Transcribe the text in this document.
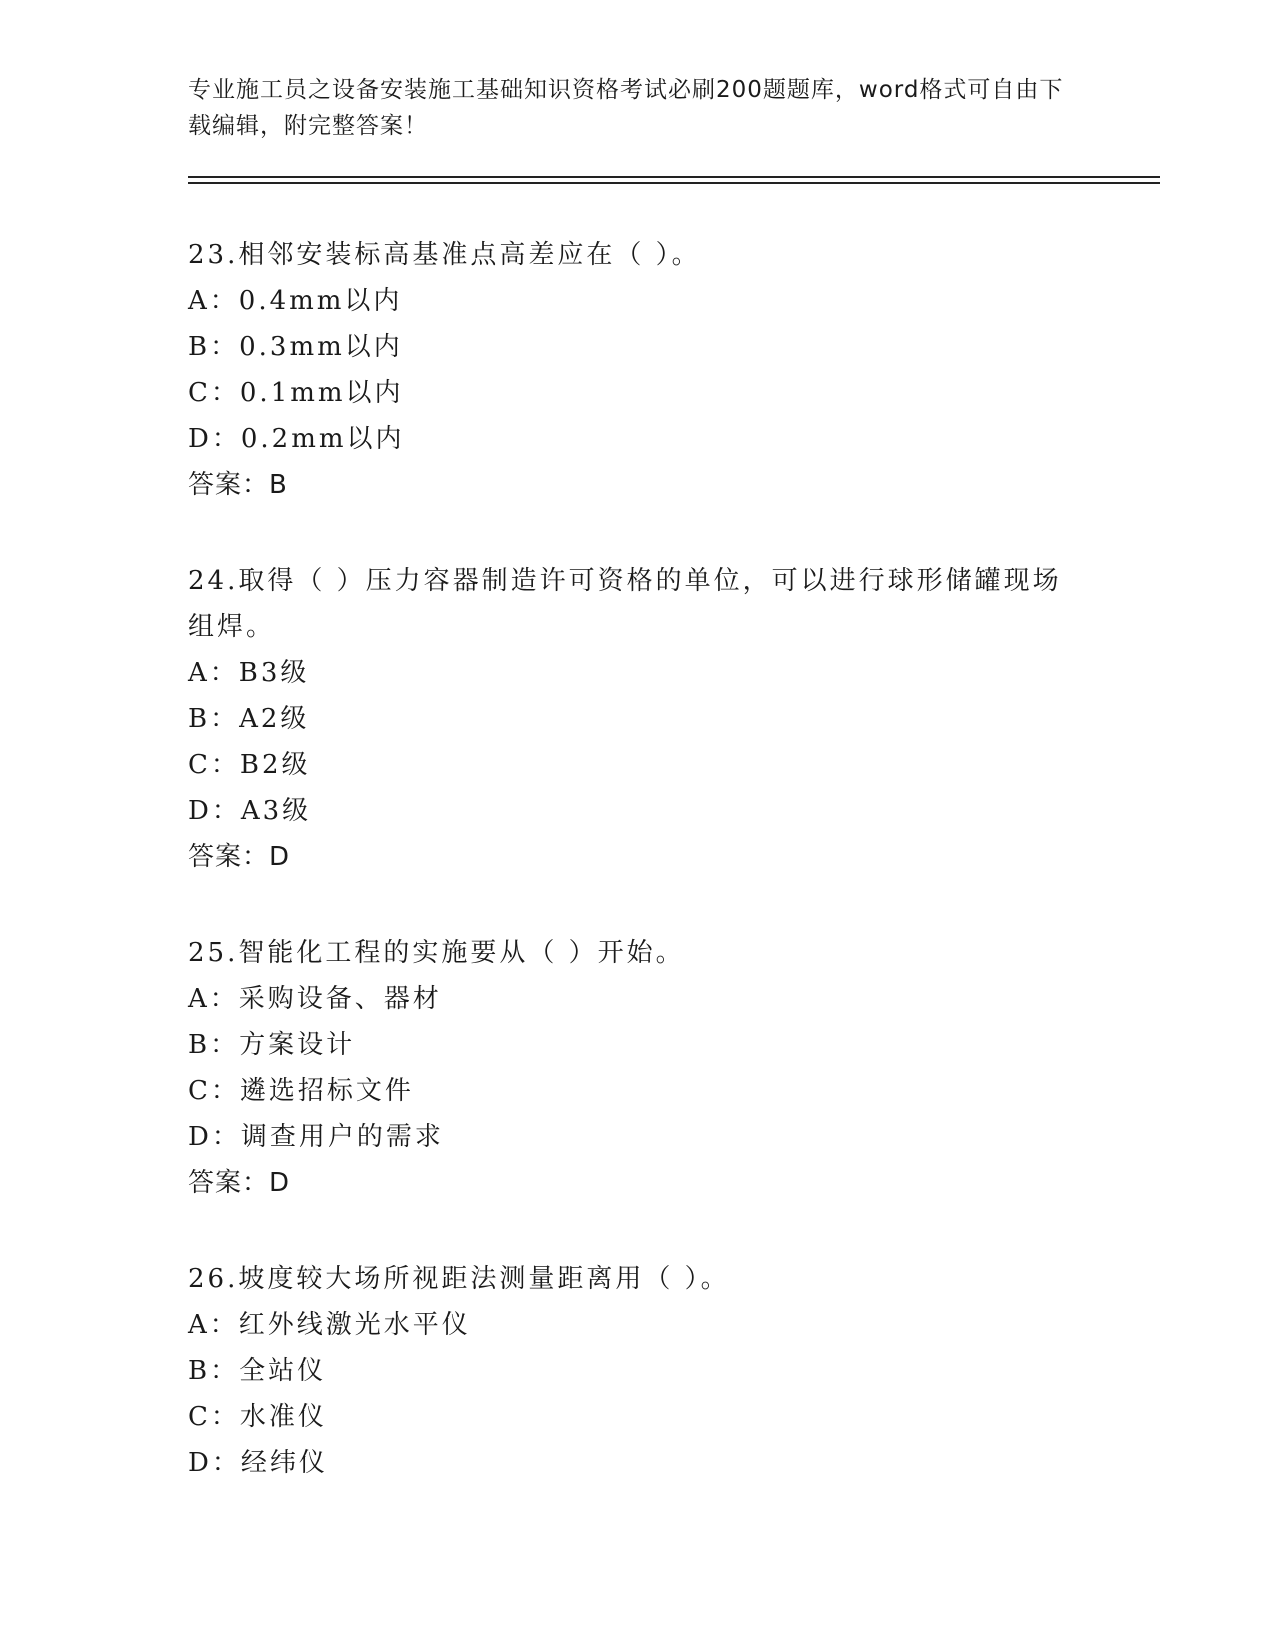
专业施工员之设备安装施工基础知识资格考试必刷200题题库，word格式可自由下载编辑，附完整答案！
23.相邻安装标高基准点高差应在（ ）。
A：0.4mm以内
B：0.3mm以内
C：0.1mm以内
D：0.2mm以内
答案：B
24.取得（ ）压力容器制造许可资格的单位，可以进行球形储罐现场组焊。
A：B3级
B：A2级
C：B2级
D：A3级
答案：D
25.智能化工程的实施要从（ ）开始。
A：采购设备、器材
B：方案设计
C：遴选招标文件
D：调查用户的需求
答案：D
26.坡度较大场所视距法测量距离用（ ）。
A：红外线激光水平仪
B：全站仪
C：水准仪
D：经纬仪
